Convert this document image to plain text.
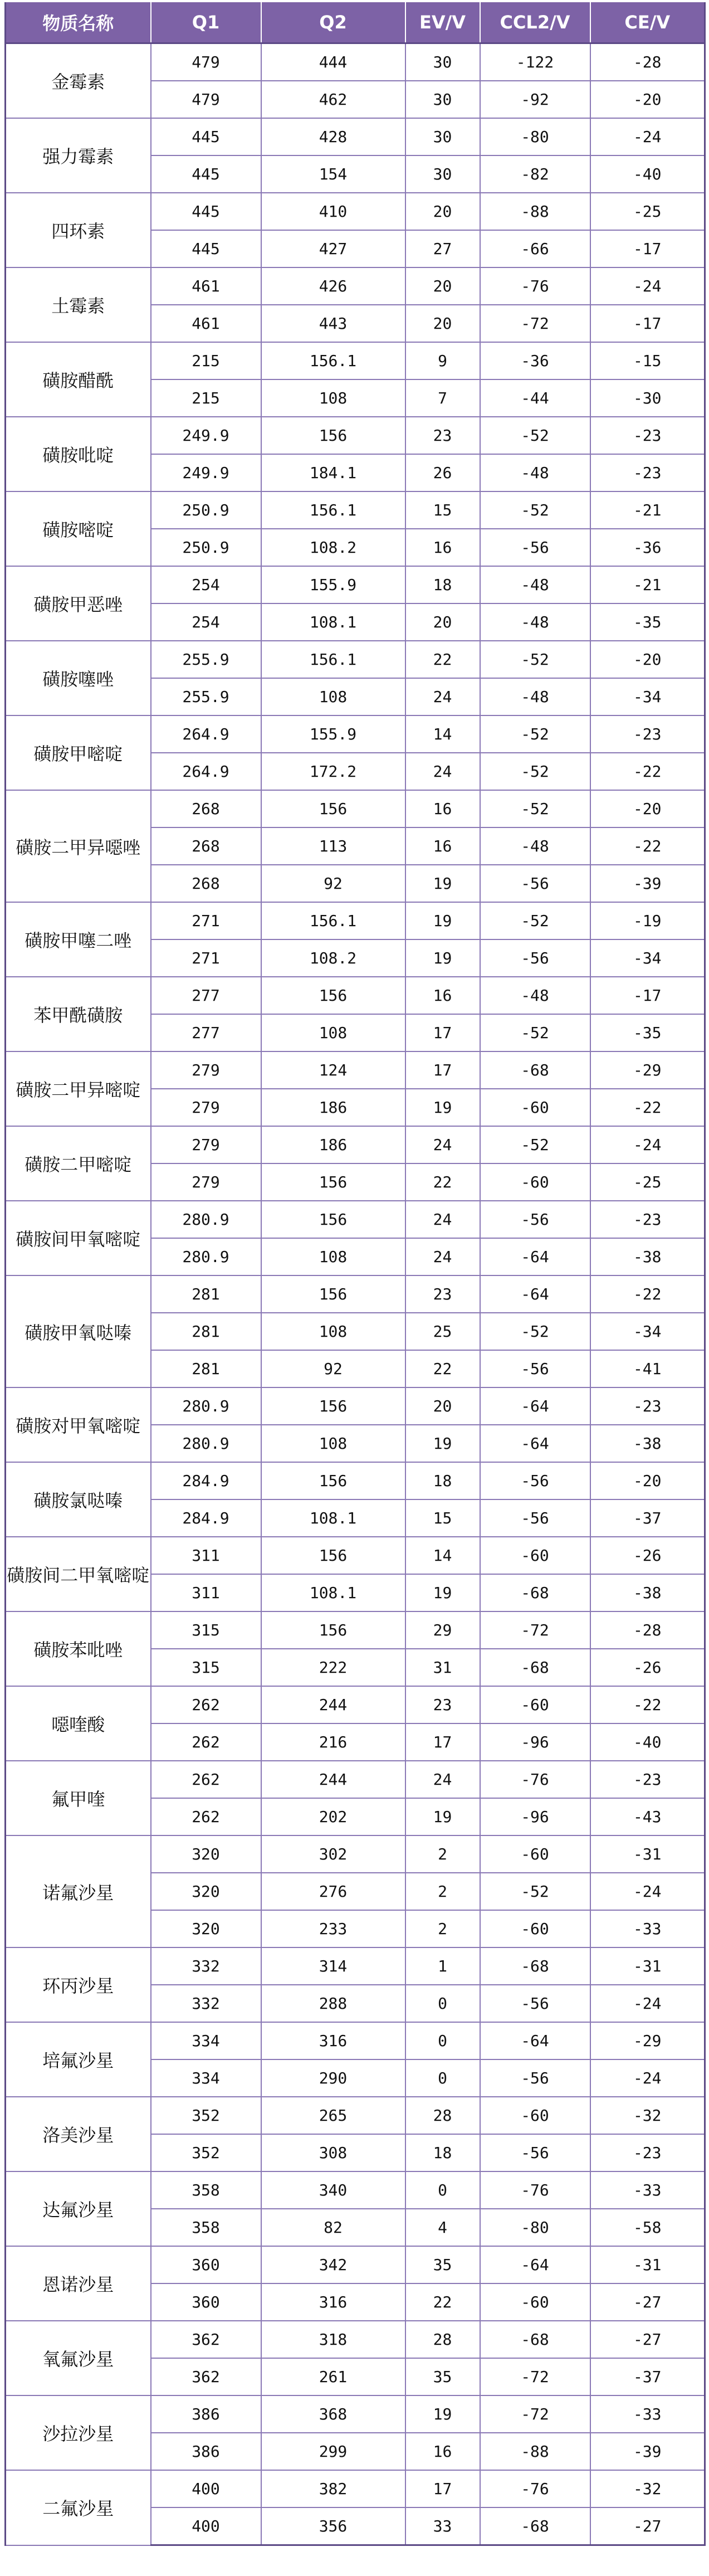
物质名称	Q1	Q2	EV/V	CCL2/V	CE/V
金霉素	479	444	30	-122	-28
	479	462	30	-92	-20
强力霉素	445	428	30	-80	-24
	445	154	30	-82	-40
四环素	445	410	20	-88	-25
	445	427	27	-66	-17
土霉素	461	426	20	-76	-24
	461	443	20	-72	-17
磺胺醋酰	215	156.1	9	-36	-15
	215	108	7	-44	-30
磺胺吡啶	249.9	156	23	-52	-23
	249.9	184.1	26	-48	-23
磺胺嘧啶	250.9	156.1	15	-52	-21
	250.9	108.2	16	-56	-36
磺胺甲恶唑	254	155.9	18	-48	-21
	254	108.1	20	-48	-35
磺胺噻唑	255.9	156.1	22	-52	-20
	255.9	108	24	-48	-34
磺胺甲嘧啶	264.9	155.9	14	-52	-23
	264.9	172.2	24	-52	-22
磺胺二甲异噁唑	268	156	16	-52	-20
	268	113	16	-48	-22
	268	92	19	-56	-39
磺胺甲噻二唑	271	156.1	19	-52	-19
	271	108.2	19	-56	-34
苯甲酰磺胺	277	156	16	-48	-17
	277	108	17	-52	-35
磺胺二甲异嘧啶	279	124	17	-68	-29
	279	186	19	-60	-22
磺胺二甲嘧啶	279	186	24	-52	-24
	279	156	22	-60	-25
磺胺间甲氧嘧啶	280.9	156	24	-56	-23
	280.9	108	24	-64	-38
磺胺甲氧哒嗪	281	156	23	-64	-22
	281	108	25	-52	-34
	281	92	22	-56	-41
磺胺对甲氧嘧啶	280.9	156	20	-64	-23
	280.9	108	19	-64	-38
磺胺氯哒嗪	284.9	156	18	-56	-20
	284.9	108.1	15	-56	-37
磺胺间二甲氧嘧啶	311	156	14	-60	-26
	311	108.1	19	-68	-38
磺胺苯吡唑	315	156	29	-72	-28
	315	222	31	-68	-26
噁喹酸	262	244	23	-60	-22
	262	216	17	-96	-40
氟甲喹	262	244	24	-76	-23
	262	202	19	-96	-43
诺氟沙星	320	302	2	-60	-31
	320	276	2	-52	-24
	320	233	2	-60	-33
环丙沙星	332	314	1	-68	-31
	332	288	0	-56	-24
培氟沙星	334	316	0	-64	-29
	334	290	0	-56	-24
洛美沙星	352	265	28	-60	-32
	352	308	18	-56	-23
达氟沙星	358	340	0	-76	-33
	358	82	4	-80	-58
恩诺沙星	360	342	35	-64	-31
	360	316	22	-60	-27
氧氟沙星	362	318	28	-68	-27
	362	261	35	-72	-37
沙拉沙星	386	368	19	-72	-33
	386	299	16	-88	-39
二氟沙星	400	382	17	-76	-32
	400	356	33	-68	-27
